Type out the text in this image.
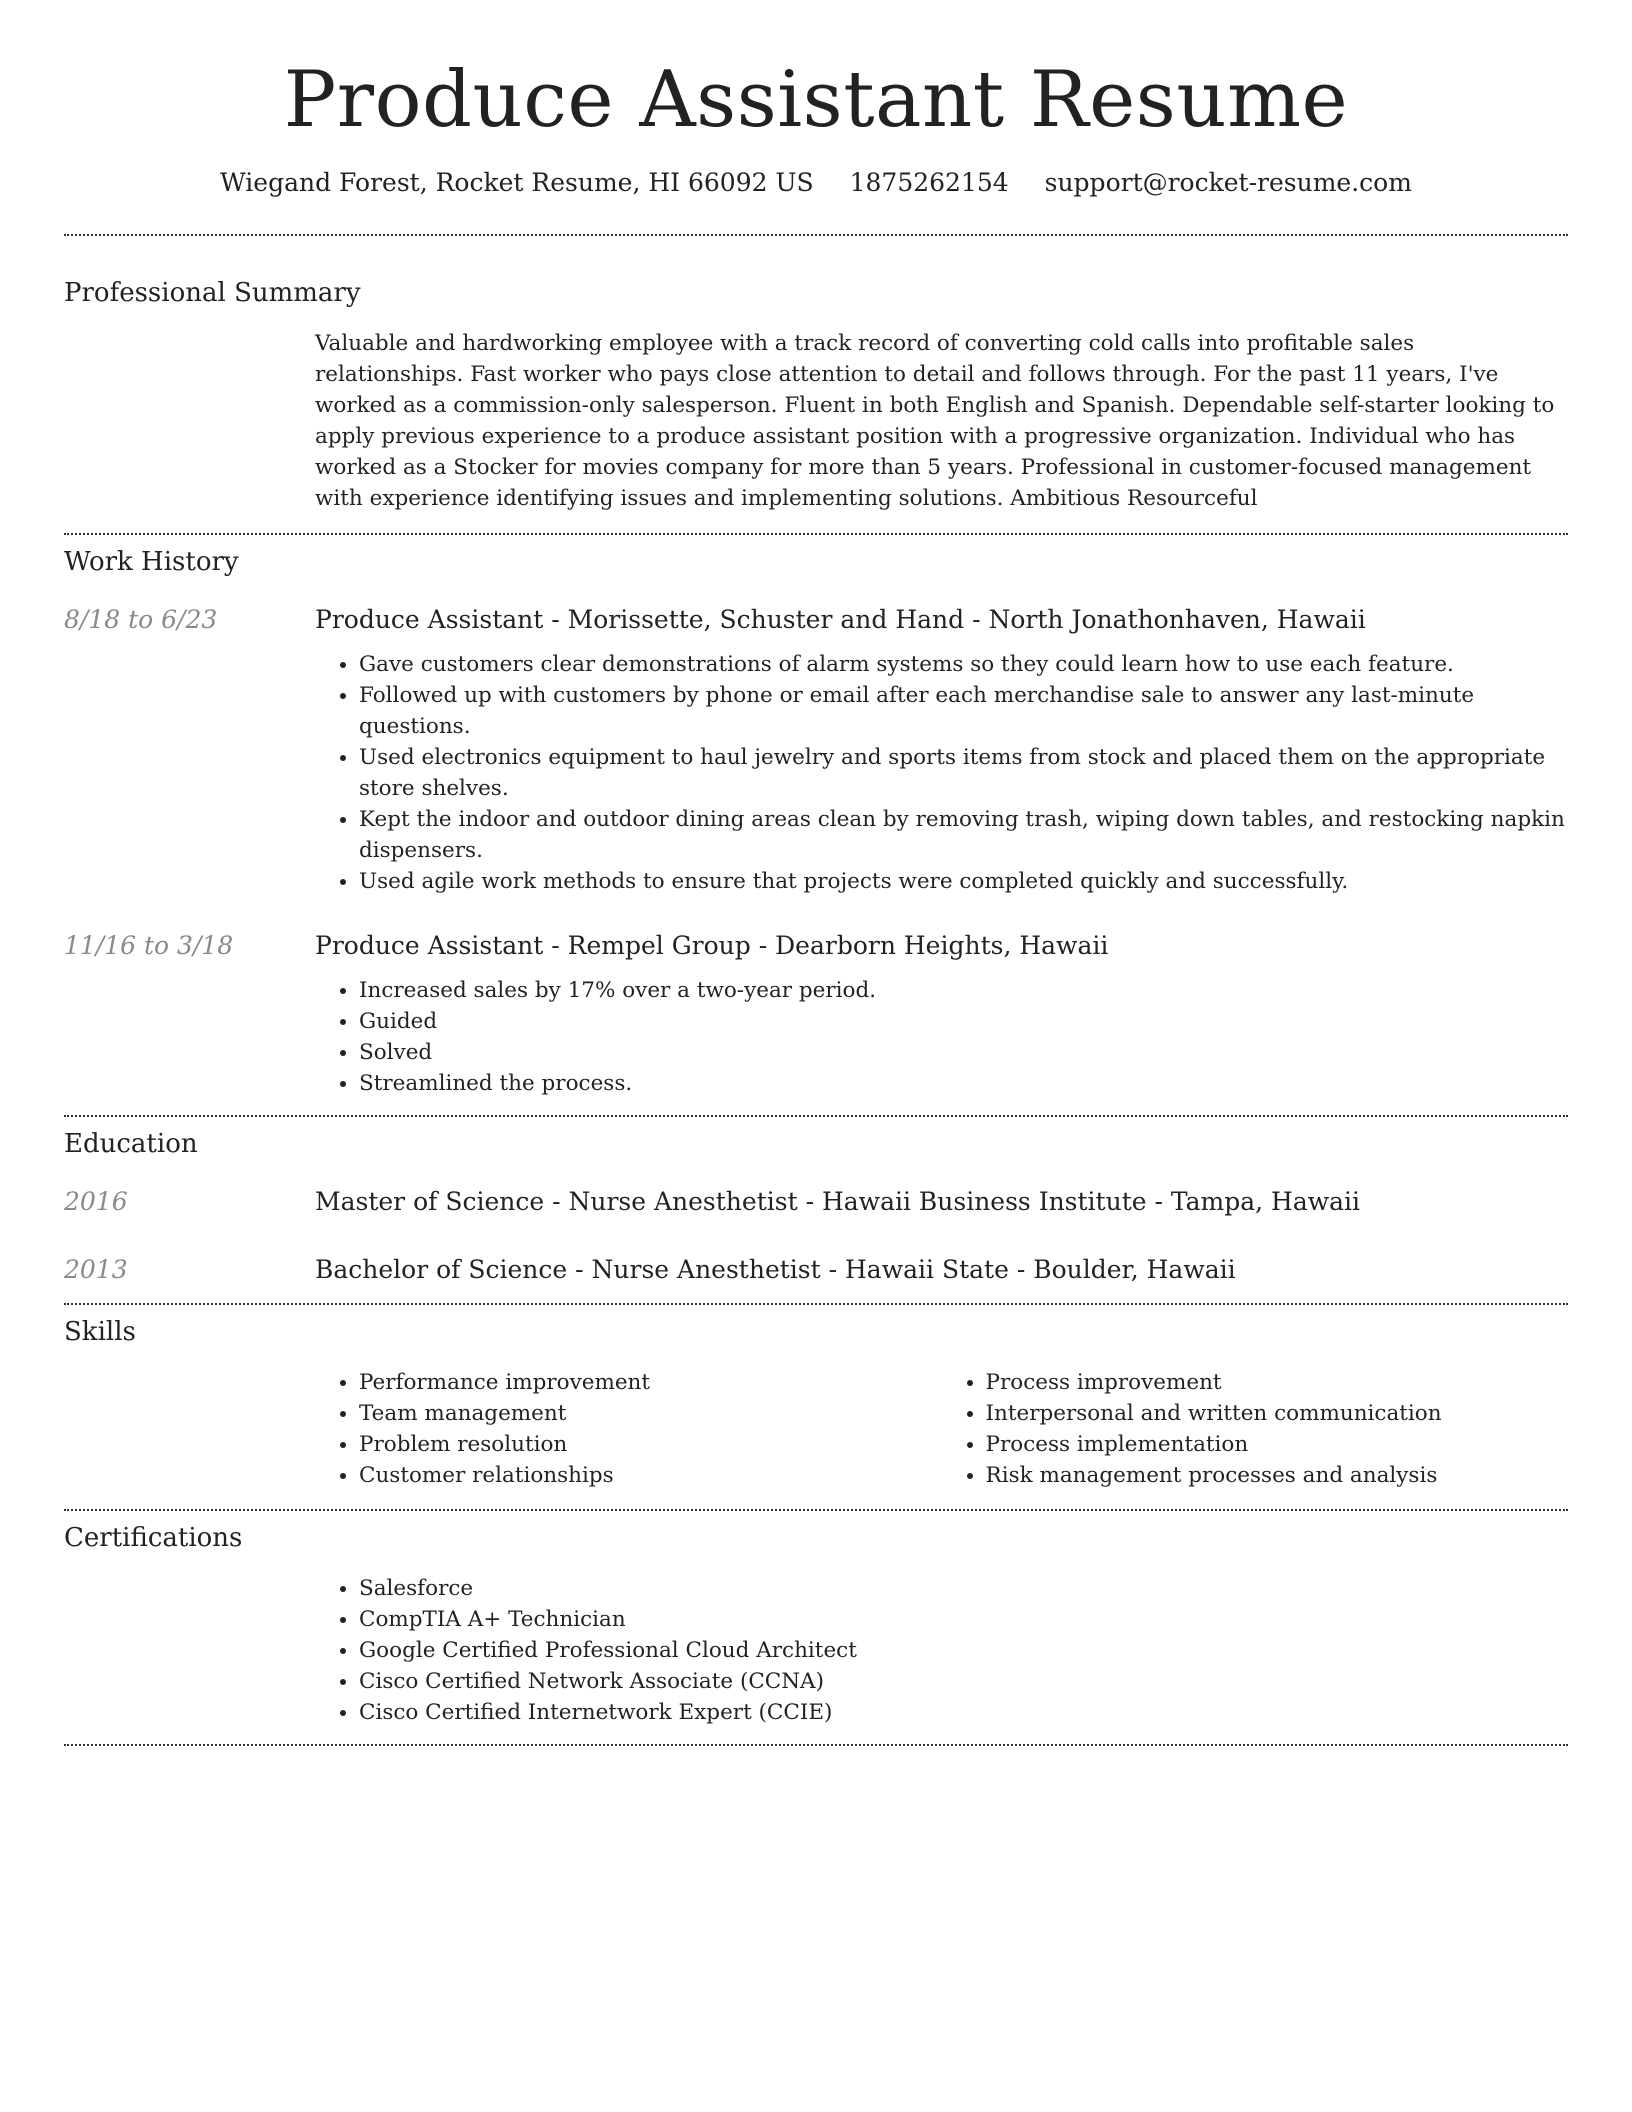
Produce Assistant Resume
Wiegand Forest, Rocket Resume, HI 66092 US 1875262154 support@rocket-resume.com
Professional Summary
Valuable and hardworking employee with a track record of converting cold calls into profitable sales relationships. Fast worker who pays close attention to detail and follows through. For the past 11 years, I've worked as a commission-only salesperson. Fluent in both English and Spanish. Dependable self-starter looking to apply previous experience to a produce assistant position with a progressive organization. Individual who has worked as a Stocker for movies company for more than 5 years. Professional in customer-focused management with experience identifying issues and implementing solutions. Ambitious Resourceful
Work History
8/18 to 6/23	Produce Assistant - Morissette, Schuster and Hand - North Jonathonhaven, Hawaii
• Gave customers clear demonstrations of alarm systems so they could learn how to use each feature.
• Followed up with customers by phone or email after each merchandise sale to answer any last-minute questions.
• Used electronics equipment to haul jewelry and sports items from stock and placed them on the appropriate store shelves.
• Kept the indoor and outdoor dining areas clean by removing trash, wiping down tables, and restocking napkin dispensers.
• Used agile work methods to ensure that projects were completed quickly and successfully.
11/16 to 3/18	Produce Assistant - Rempel Group - Dearborn Heights, Hawaii
• Increased sales by 17% over a two-year period.
• Guided
• Solved
• Streamlined the process.
Education
2016	Master of Science - Nurse Anesthetist - Hawaii Business Institute - Tampa, Hawaii
2013	Bachelor of Science - Nurse Anesthetist - Hawaii State - Boulder, Hawaii
Skills
• Performance improvement
• Team management
• Problem resolution
• Customer relationships
• Process improvement
• Interpersonal and written communication
• Process implementation
• Risk management processes and analysis
Certifications
• Salesforce
• CompTIA A+ Technician
• Google Certified Professional Cloud Architect
• Cisco Certified Network Associate (CCNA)
• Cisco Certified Internetwork Expert (CCIE)
